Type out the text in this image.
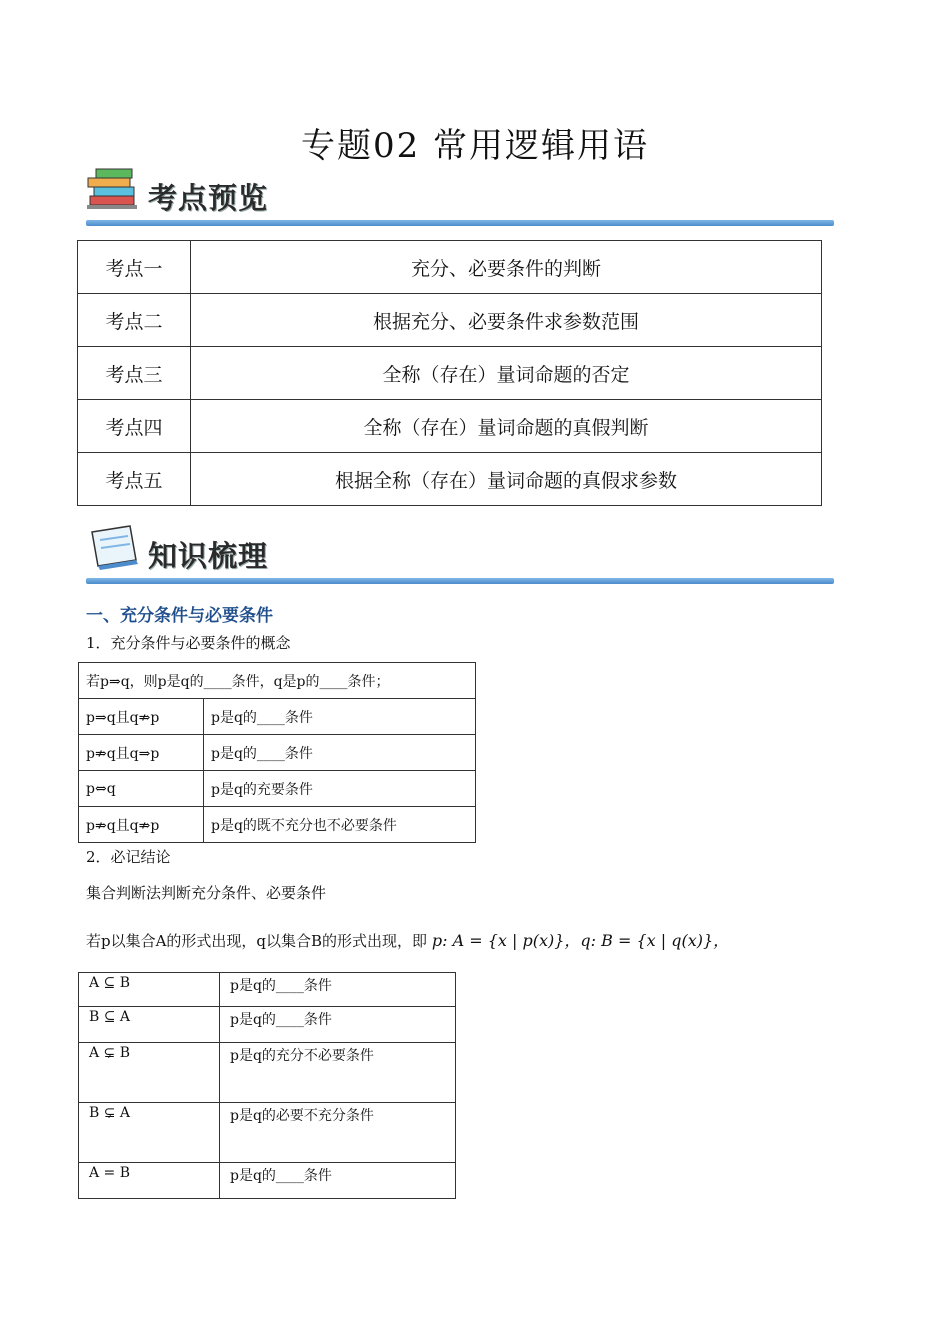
专题02 常用逻辑用语
考点预览
考点一	充分、必要条件的判断
考点二	根据充分、必要条件求参数范围
考点三	全称（存在）量词命题的否定
考点四	全称（存在）量词命题的真假判断
考点五	根据全称（存在）量词命题的真假求参数
知识梳理
一、充分条件与必要条件
1．充分条件与必要条件的概念
若p⇒q，则p是q的____条件，q是p的____条件；	
p⇒q且q⇏p	p是q的____条件
p⇏q且q⇒p	p是q的____条件
p⇔q	p是q的充要条件
p⇏q且q⇏p	p是q的既不充分也不必要条件
2．必记结论
集合判断法判断充分条件、必要条件
若p以集合A的形式出现，q以集合B的形式出现，即 p: A = {x | p(x)}，q: B = {x | q(x)}，
A ⊆ B	p是q的____条件
B ⊆ A	p是q的____条件
A ⊊ B	p是q的充分不必要条件
B ⊊ A	p是q的必要不充分条件
A = B	p是q的____条件
